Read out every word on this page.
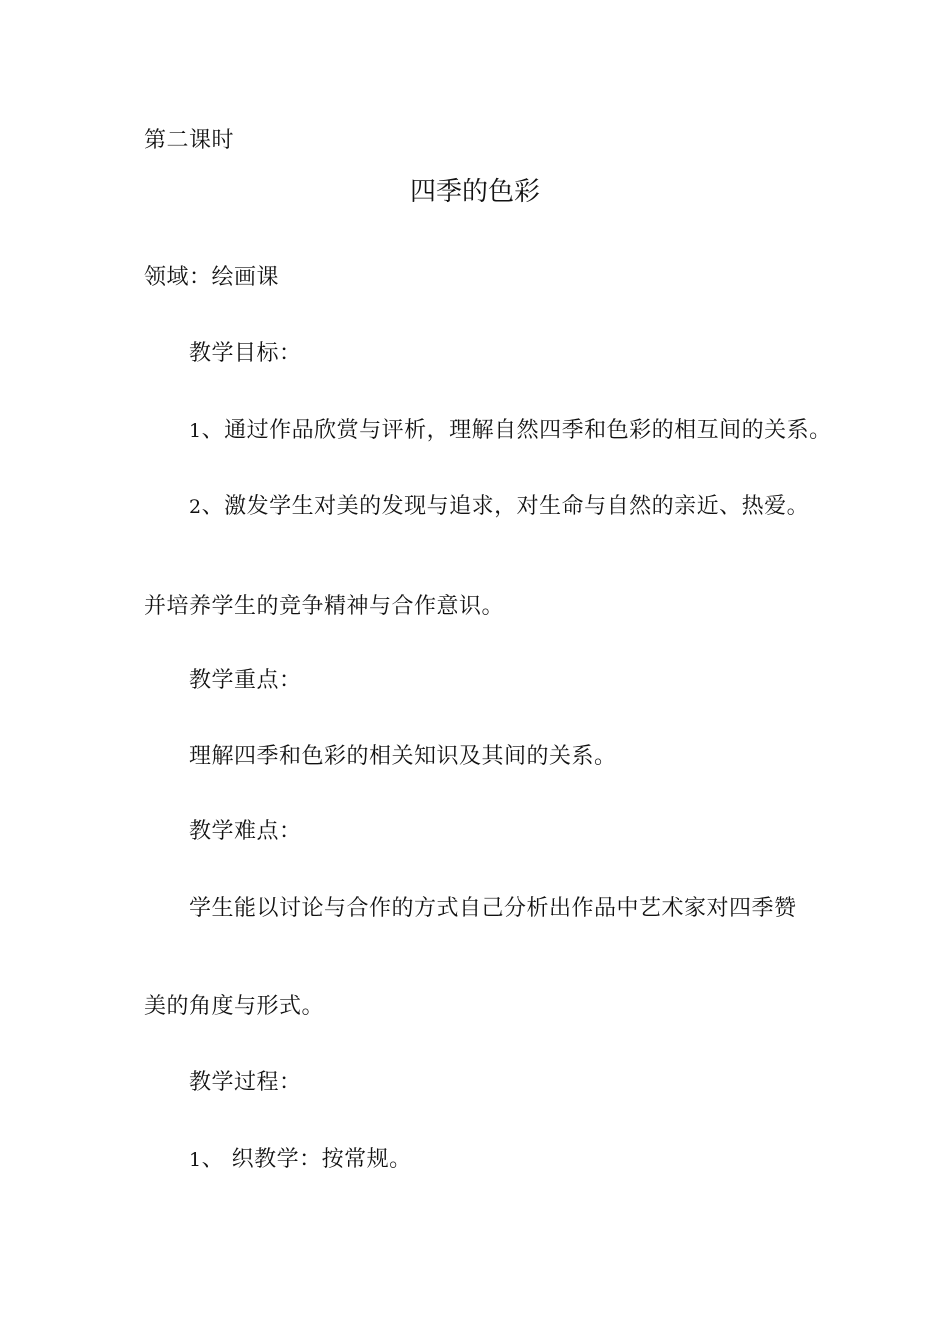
第二课时
四季的色彩
领域：绘画课
教学目标：
1、通过作品欣赏与评析，理解自然四季和色彩的相互间的关系。
2、激发学生对美的发现与追求，对生命与自然的亲近、热爱。
并培养学生的竞争精神与合作意识。
教学重点：
理解四季和色彩的相关知识及其间的关系。
教学难点：
学生能以讨论与合作的方式自己分析出作品中艺术家对四季赞
美的角度与形式。
教学过程：
1、 织教学：按常规。
